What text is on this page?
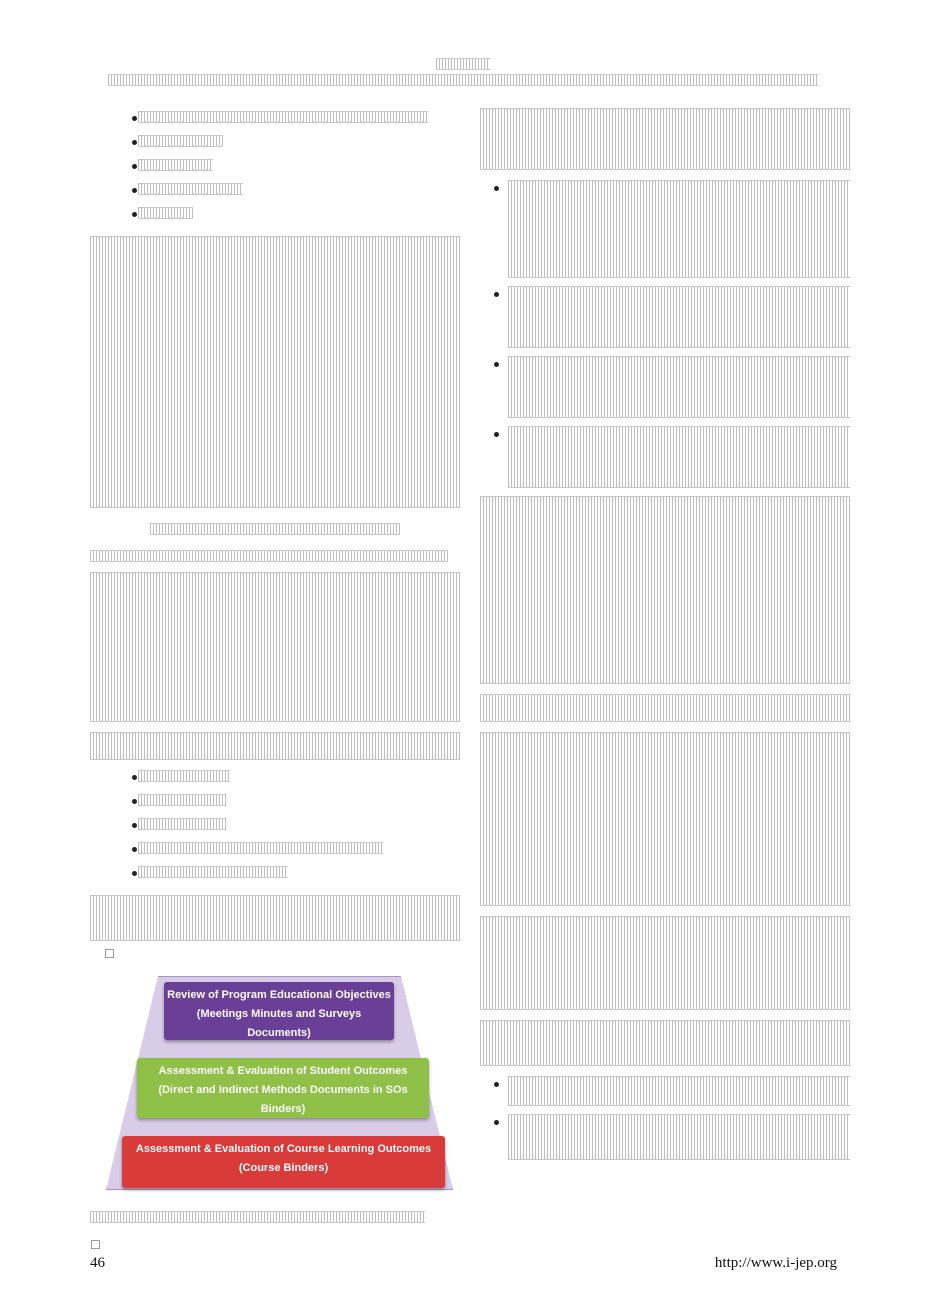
☐
Review of Program Educational Objectives
(Meetings Minutes and Surveys Documents)
Assessment & Evaluation of Student Outcomes
(Direct and Indirect Methods Documents in SOs Binders)
Assessment & Evaluation of Course Learning Outcomes
(Course Binders)
☐
46	http://www.i-jep.org
